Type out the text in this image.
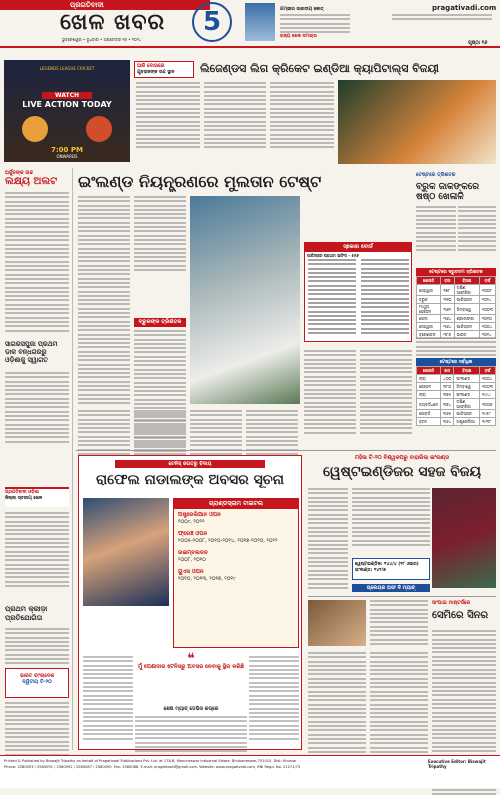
ପ୍ରଗତିବାଦୀ
ଖେଳ ଖବର
ଭୁବନେଶ୍ୱର • ବୁଧବାର • ଅକ୍ଟୋବର ୧୬ • ୨୦୨୪
5	ଗମ୍ଭୀର ଭାରତୀୟ କୋଚ୍
ରାଜ୍ୟ ଖେଳ ସମାଚାର
pragativadi.com
ପୃଷ୍ଠା ୧୬
LEGENDS LEAGUE CRICKET
WATCH
LIVE ACTION TODAY
7:00 PM
ONWARDS
ଆଜି ଦୋହାରେ
ଯୁବରାଜଙ୍କ ଉଚ୍ଚ ସ୍ଥାନ	ଲିଜେଣ୍ଡସ ଲିଗ କ୍ରିକେଟ ଇଣ୍ଡିଆ କ୍ୟାପିଟାଲ୍ସ ବିଜୟୀ
ଅର୍ଜୁନଙ୍କ ଉଚ୍ଚ
ଲକ୍ଷ୍ୟ ଅଲଟ
ସାଗରସପୁଜା ପ୍ରଥମ ଡାକ ବନ୍ଧଗରରୁ ଓଡ଼ିଶାକୁ ସ୍ୱାଗତ
ପ୍ରଗତିବାଦୀ ଓଡ଼ିଶା
ଜିଲ୍ଲା ସ୍ତରୀୟ ଖେଳ
ପ୍ରଥମ କ୍ରୀଡ଼ା ପ୍ରତିଯୋଗିତା
ଭାରତ ବାଂଲାଦେଶ
ଦ୍ୱିତୀୟ ଟି-୨୦
ଇଂଲଣ୍ଡ ନିୟନ୍ତ୍ରଣରେ ମୁଲତାନ ଟେଷ୍ଟ
ବ୍ରୁକଙ୍କ ତ୍ରିଶତକ
ସ୍କୋର ବୋର୍ଡ
ପାକିସ୍ତାନ ପ୍ରଥମ ଇନିଂସ - ୫୫୬
ଟେଷ୍ଟରେ ତ୍ରିଶତକ
ବ୍ରୁକ ଜାକଙ୍କରେ ଷଷ୍ଠ ଖେଳାଳି
ଟେଷ୍ଟରେ ଦ୍ରୁତତମ ତ୍ରିଶତକ
ଖେଳାଳି	ବଲ	ବିପକ୍ଷ	ବର୍ଷ
ସେହୱାଗ	୨୭୮	ଦକ୍ଷିଣ ଆଫ୍ରିକା	୨୦୦୮
ବ୍ରୁକ	୩୧୦	ପାକିସ୍ତାନ	୨୦୨୪
ମାଥ୍ୟୁ ହେଡେନ	୩୬୨	ଜିମ୍ବାୱେ	୨୦୦୩
ଗେଲ	୩୬୪	ଶ୍ରୀଲଙ୍କା	୨୦୧୦
ସେହୱାଗ	୩୬୪	ପାକିସ୍ତାନ	୨୦୦୪
ବ୍ରେଣ୍ଡନ	୩୮୬	ଭାରତ	୨୦୧୪
ଟେଷ୍ଟରେ ସର୍ବାଧିକ
ଖେଳାଳି	ରନ	ବିପକ୍ଷ	ବର୍ଷ
ଲାରା	୪୦୦	ଇଂଲଣ୍ଡ	୨୦୦୪
ହେଡେନ	୩୮୦	ଜିମ୍ବାୱେ	୨୦୦୩
ଲାରା	୩୭୫	ଇଂଲଣ୍ଡ	୧୯୯୪
ଜୟବର୍ଦ୍ଧନେ	୩୭୪	ଦକ୍ଷିଣ ଆଫ୍ରିକା	୨୦୦୬
ସୋବର୍ସ	୩୬୫	ପାକିସ୍ତାନ	୧୯୫୮
ହଟନ	୩୬୪	ଅଷ୍ଟ୍ରେଲିଆ	୧୯୩୮
ଟେନିସ୍ ଜଗତରୁ ବିଦାୟ
ରାଫେଲ ନାଡାଲଙ୍କ ଅବସର ସୂଚନା
ଗ୍ରାଣ୍ଡସ୍ଲାମ ଟାଇଟଲ
ଅଷ୍ଟ୍ରେଲିଆନ ଓପନ
୨୦୦୯, ୨୦୨୨
ଫ୍ରେଞ୍ଚ ଓପନ
୨୦୦୫-୨୦୦୮, ୨୦୧୦-୨୦୧୪, ୨୦୧୭-୨୦୨୦, ୨୦୨୨
ଉଇମ୍ବଲଡନ
୨୦୦୮, ୨୦୧୦
ୟୁଏସ ଓପନ
୨୦୧୦, ୨୦୧୩, ୨୦୧୭, ୨୦୧୯
❝
ମୁଁ ପେଶାଦାର ଟେନିସରୁ ଅବସର ନେବାକୁ ସ୍ଥିର କରିଛି
ଶେଷ ମ୍ୟାଚ୍ ଡେଭିସ କପ୍‌ରେ
ମହିଳା ଟି-୨୦ ବିଶ୍ୱକପରୁ ବାହାରିଲା ଇଂଲଣ୍ଡ
ୱେଷ୍ଟଇଣ୍ଡିଜର ସହଜ ବିଜୟ
ୱେଷ୍ଟଇଣ୍ଡିଜ: ୧୪୪/୪ (୧୮ ଓଭର)
ଇଂଲଣ୍ଡ: ୧୪୧/୭
ପ୍ଲେୟର ଅଫ ଦି ମ୍ୟାଚ୍
ସାଂଘାଇ ମାଷ୍ଟର୍ସରେ
ସେମିରେ ସିନର
Printed & Published by Biswajit Tripathy on behalf of Pragativadi Publications Pvt. Ltd. at 178-B, Mancheswar Industrial Estate, Bhubaneswar-751010, Dist: Khurda
Phone: 2580093 / 2580091 / 2580092 / 2580087 / 2580090, Fax: 2580088, E-mail: pragativadi@gmail.com, Website: www.pragativadi.com, RNI Regd. No. 21271/73
Executive Editor: Biswajit Tripathy
